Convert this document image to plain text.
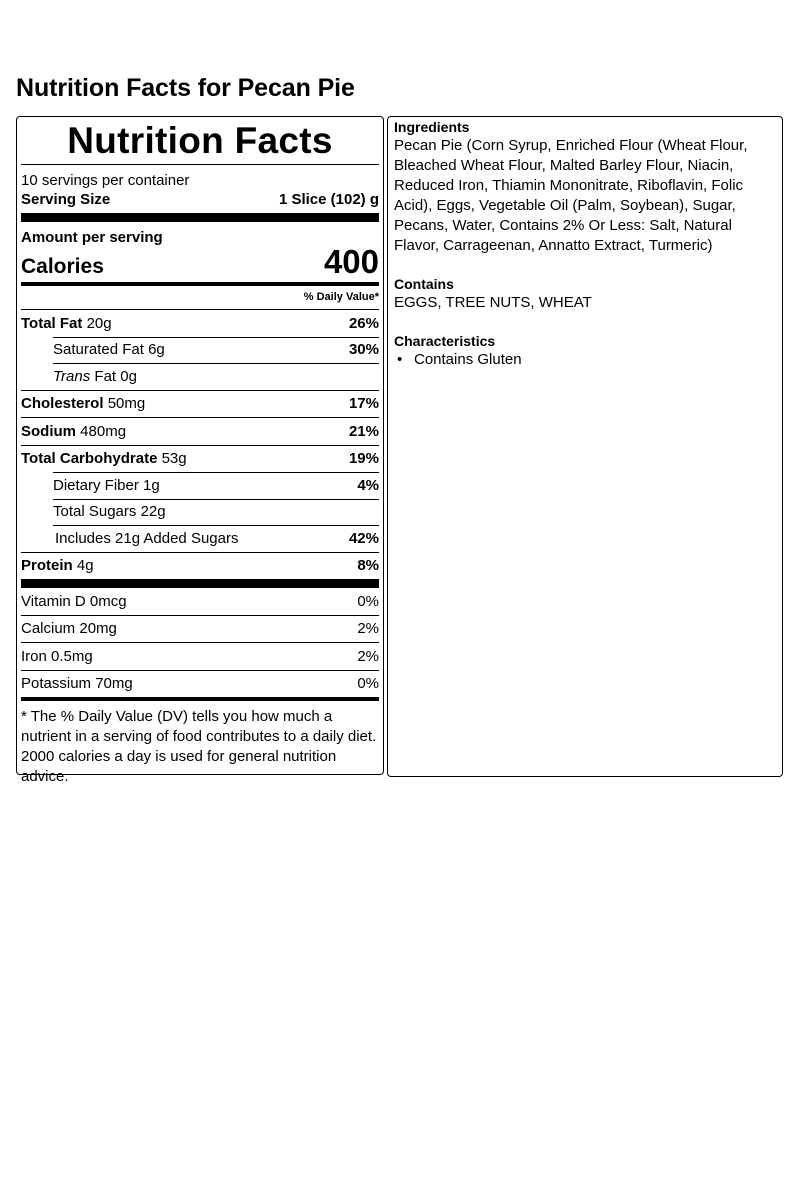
Nutrition Facts for Pecan Pie
Nutrition Facts
10 servings per container
Serving Size	1 Slice (102) g
Amount per serving
Calories	400
% Daily Value*
Total Fat 20g	26%
Saturated Fat 6g	30%
Trans Fat 0g
Cholesterol 50mg	17%
Sodium 480mg	21%
Total Carbohydrate 53g	19%
Dietary Fiber 1g	4%
Total Sugars 22g
Includes 21g Added Sugars	42%
Protein 4g	8%
Vitamin D 0mcg	0%
Calcium 20mg	2%
Iron 0.5mg	2%
Potassium 70mg	0%
* The % Daily Value (DV) tells you how much a nutrient in a serving of food contributes to a daily diet. 2000 calories a day is used for general nutrition advice.
Ingredients
Pecan Pie (Corn Syrup, Enriched Flour (Wheat Flour, Bleached Wheat Flour, Malted Barley Flour, Niacin, Reduced Iron, Thiamin Mononitrate, Riboflavin, Folic Acid), Eggs, Vegetable Oil (Palm, Soybean), Sugar, Pecans, Water, Contains 2% Or Less: Salt, Natural Flavor, Carrageenan, Annatto Extract, Turmeric)
Contains
EGGS, TREE NUTS, WHEAT
Characteristics
• Contains Gluten
